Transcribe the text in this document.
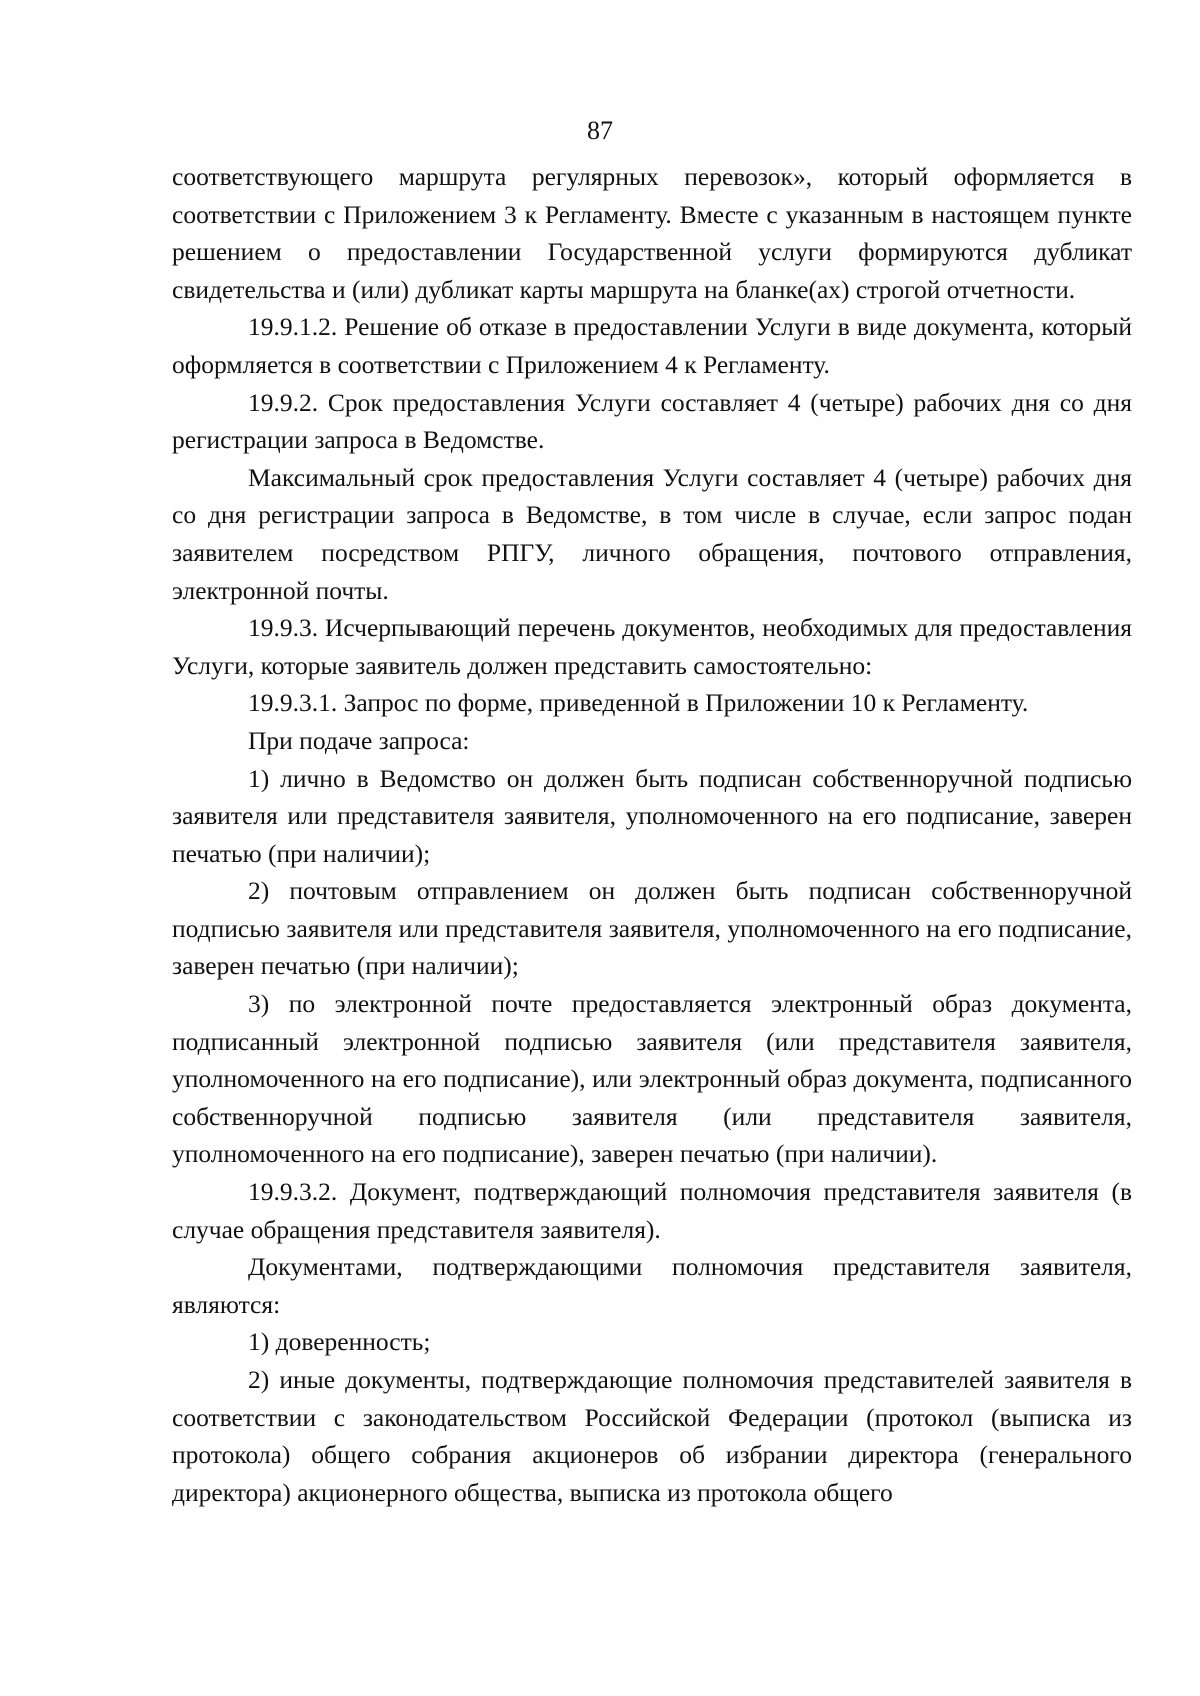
87

соответствующего маршрута регулярных перевозок», который оформляется в соответствии с Приложением 3 к Регламенту. Вместе с указанным в настоящем пункте решением о предоставлении Государственной услуги формируются дубликат свидетельства и (или) дубликат карты маршрута на бланке(ах) строгой отчетности.

19.9.1.2. Решение об отказе в предоставлении Услуги в виде документа, который оформляется в соответствии с Приложением 4 к Регламенту.

19.9.2. Срок предоставления Услуги составляет 4 (четыре) рабочих дня со дня регистрации запроса в Ведомстве.

Максимальный срок предоставления Услуги составляет 4 (четыре) рабочих дня со дня регистрации запроса в Ведомстве, в том числе в случае, если запрос подан заявителем посредством РПГУ, личного обращения, почтового отправления, электронной почты.

19.9.3. Исчерпывающий перечень документов, необходимых для предоставления Услуги, которые заявитель должен представить самостоятельно:

19.9.3.1. Запрос по форме, приведенной в Приложении 10 к Регламенту.

При подаче запроса:

1) лично в Ведомство он должен быть подписан собственноручной подписью заявителя или представителя заявителя, уполномоченного на его подписание, заверен печатью (при наличии);

2) почтовым отправлением он должен быть подписан собственноручной подписью заявителя или представителя заявителя, уполномоченного на его подписание, заверен печатью (при наличии);

3) по электронной почте предоставляется электронный образ документа, подписанный электронной подписью заявителя (или представителя заявителя, уполномоченного на его подписание), или электронный образ документа, подписанного собственноручной подписью заявителя (или представителя заявителя, уполномоченного на его подписание), заверен печатью (при наличии).

19.9.3.2. Документ, подтверждающий полномочия представителя заявителя (в случае обращения представителя заявителя).

Документами, подтверждающими полномочия представителя заявителя, являются:

1) доверенность;

2) иные документы, подтверждающие полномочия представителей заявителя в соответствии с законодательством Российской Федерации (протокол (выписка из протокола) общего собрания акционеров об избрании директора (генерального директора) акционерного общества, выписка из протокола общего
